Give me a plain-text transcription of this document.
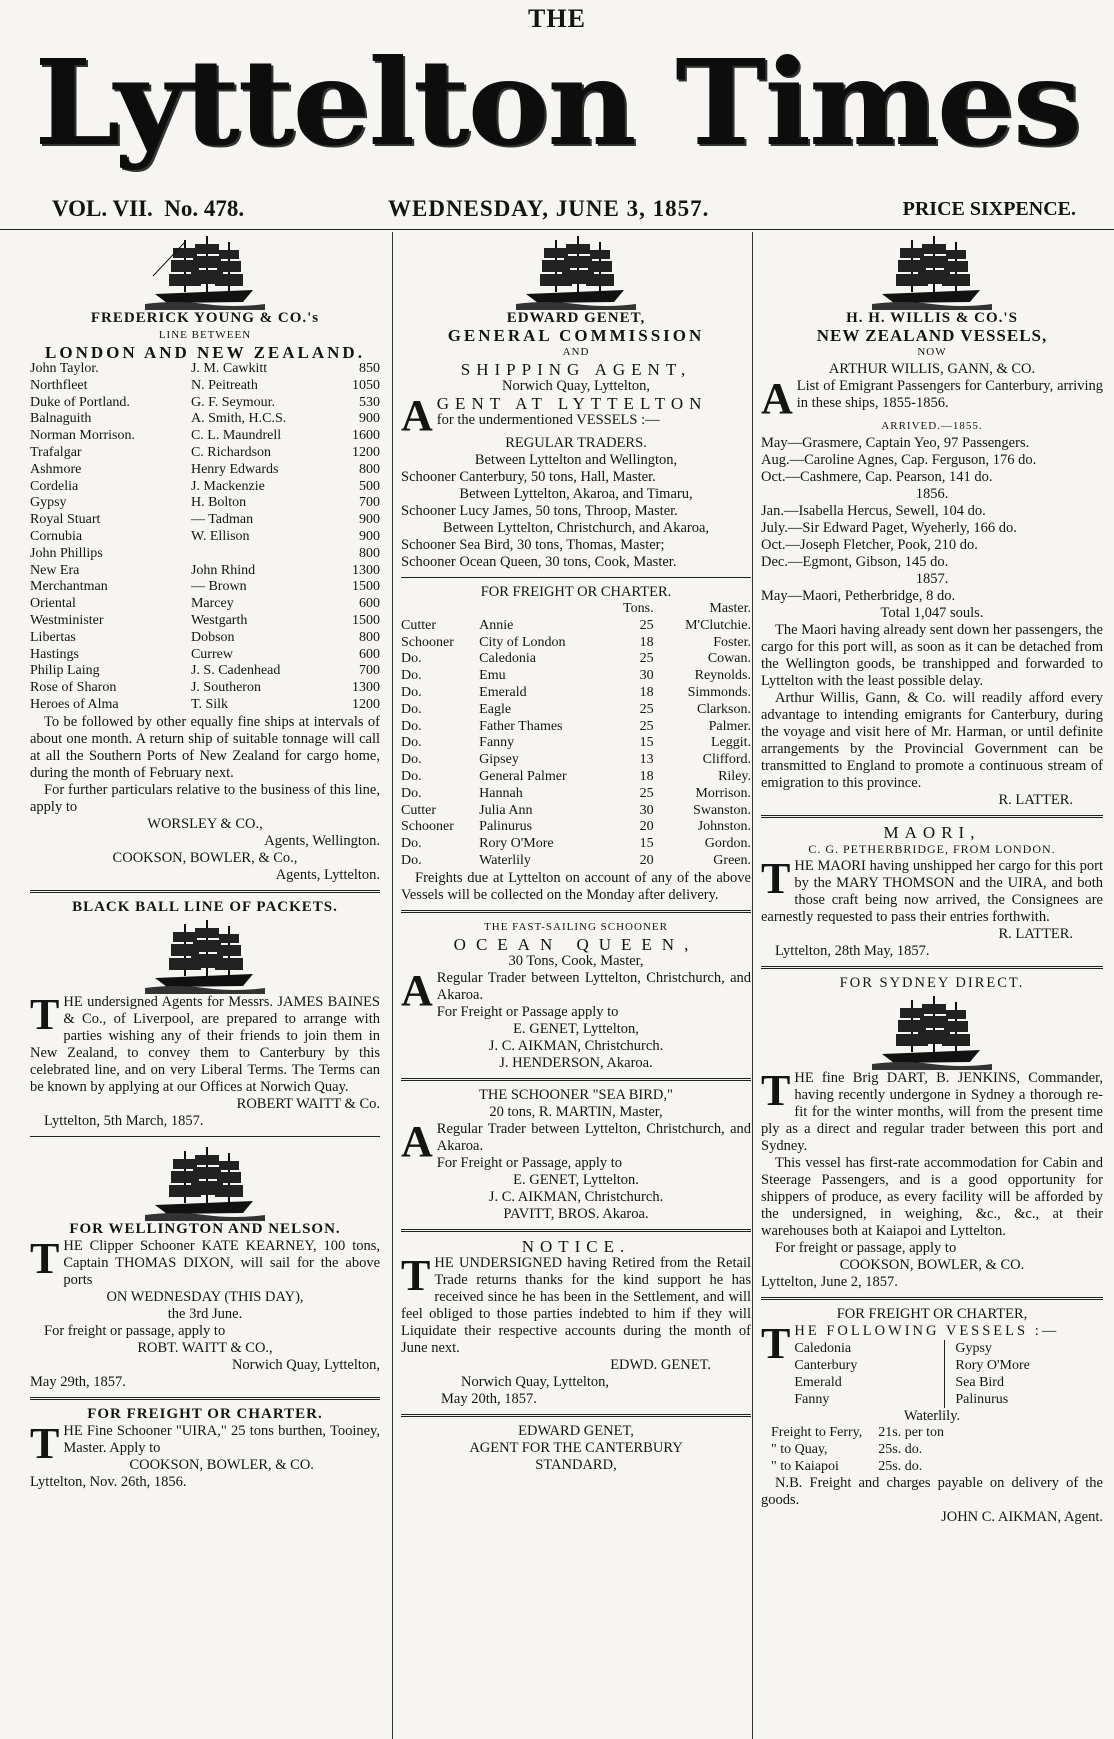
THE
Lyttelton Times
VOL. VII. No. 478.	WEDNESDAY, JUNE 3, 1857.	PRICE SIXPENCE.
FREDERICK YOUNG & CO.'s
LINE BETWEEN
LONDON AND NEW ZEALAND.
John Taylor.	J. M. Cawkitt	850
Northfleet	N. Peitreath	1050
Duke of Portland.	G. F. Seymour.	530
Balnaguith	A. Smith, H.C.S.	900
Norman Morrison.	C. L. Maundrell	1600
Trafalgar	C. Richardson	1200
Ashmore	Henry Edwards	800
Cordelia	J. Mackenzie	500
Gypsy	H. Bolton	700
Royal Stuart	— Tadman	900
Cornubia	W. Ellison	900
John Phillips		800
New Era	John Rhind	1300
Merchantman	— Brown	1500
Oriental	Marcey	600
Westminister	Westgarth	1500
Libertas	Dobson	800
Hastings	Currew	600
Philip Laing	J. S. Cadenhead	700
Rose of Sharon	J. Southeron	1300
Heroes of Alma	T. Silk	1200

To be followed by other equally fine ships at intervals of about one month. A return ship of suitable tonnage will call at all the Southern Ports of New Zealand for cargo home, during the month of February next.

For further particulars relative to the business of this line, apply to

WORSLEY & CO.,
Agents, Wellington.
COOKSON, BOWLER, & Co.,
Agents, Lyttelton.
BLACK BALL LINE OF PACKETS.

THE undersigned Agents for Messrs. JAMES BAINES & Co., of Liverpool, are prepared to arrange with parties wishing any of their friends to join them in New Zealand, to convey them to Canterbury by this celebrated line, and on very Liberal Terms. The Terms can be known by applying at our Offices at Norwich Quay.

ROBERT WAITT & Co.
Lyttelton, 5th March, 1857.
FOR WELLINGTON AND NELSON.

THE Clipper Schooner KATE KEARNEY, 100 tons, Captain THOMAS DIXON, will sail for the above ports

ON WEDNESDAY (THIS DAY),
the 3rd June.
For freight or passage, apply to
ROBT. WAITT & CO.,
Norwich Quay, Lyttelton,
May 29th, 1857.
FOR FREIGHT OR CHARTER.

THE Fine Schooner "UIRA," 25 tons burthen, Tooiney, Master. Apply to

COOKSON, BOWLER, & CO.
Lyttelton, Nov. 26th, 1856.
EDWARD GENET,
GENERAL COMMISSION
AND
SHIPPING AGENT,
Norwich Quay, Lyttelton,

A GENT AT LYTTELTON
for the undermentioned VESSELS :—

REGULAR TRADERS.
Between Lyttelton and Wellington,
Schooner Canterbury, 50 tons, Hall, Master.
Between Lyttelton, Akaroa, and Timaru,
Schooner Lucy James, 50 tons, Throop, Master.
Between Lyttelton, Christchurch, and Akaroa,
Schooner Sea Bird, 30 tons, Thomas, Master;
Schooner Ocean Queen, 30 tons, Cook, Master.
FOR FREIGHT OR CHARTER.
		Tons.	Master.
Cutter	Annie	25	M'Clutchie.
Schooner	City of London	18	Foster.
Do.	Caledonia	25	Cowan.
Do.	Emu	30	Reynolds.
Do.	Emerald	18	Simmonds.
Do.	Eagle	25	Clarkson.
Do.	Father Thames	25	Palmer.
Do.	Fanny	15	Leggit.
Do.	Gipsey	13	Clifford.
Do.	General Palmer	18	Riley.
Do.	Hannah	25	Morrison.
Cutter	Julia Ann	30	Swanston.
Schooner	Palinurus	20	Johnston.
Do.	Rory O'More	15	Gordon.
Do.	Waterlily	20	Green.

Freights due at Lyttelton on account of any of the above Vessels will be collected on the Monday after delivery.

THE FAST-SAILING SCHOONER
OCEAN QUEEN,
30 Tons, Cook, Master,

A Regular Trader between Lyttelton, Christchurch, and Akaroa.

For Freight or Passage apply to
E. GENET, Lyttelton,
J. C. AIKMAN, Christchurch.
J. HENDERSON, Akaroa.
THE SCHOONER "SEA BIRD,"
20 tons, R. MARTIN, Master,

A Regular Trader between Lyttelton, Christchurch, and Akaroa.

For Freight or Passage, apply to
E. GENET, Lyttelton.
J. C. AIKMAN, Christchurch.
PAVITT, BROS. Akaroa.
NOTICE.

THE UNDERSIGNED having Retired from the Retail Trade returns thanks for the kind support he has received since he has been in the Settlement, and will feel obliged to those parties indebted to him if they will Liquidate their respective accounts during the month of June next.

EDWD. GENET.
Norwich Quay, Lyttelton,
May 20th, 1857.
EDWARD GENET,
AGENT FOR THE CANTERBURY
STANDARD,
H. H. WILLIS & CO.'S
NEW ZEALAND VESSELS,
NOW
ARTHUR WILLIS, GANN, & CO.

A List of Emigrant Passengers for Canterbury, arriving in these ships, 1855-1856.

ARRIVED.—1855.
May—Grasmere, Captain Yeo, 97 Passengers.
Aug.—Caroline Agnes, Cap. Ferguson, 176 do.
Oct.—Cashmere, Cap. Pearson, 141 do.
1856.
Jan.—Isabella Hercus, Sewell, 104 do.
July.—Sir Edward Paget, Wyeherly, 166 do.
Oct.—Joseph Fletcher, Pook, 210 do.
Dec.—Egmont, Gibson, 145 do.
1857.
May—Maori, Petherbridge, 8 do.
Total 1,047 souls.

The Maori having already sent down her passengers, the cargo for this port will, as soon as it can be detached from the Wellington goods, be transhipped and forwarded to Lyttelton with the least possible delay.

Arthur Willis, Gann, & Co. will readily afford every advantage to intending emigrants for Canterbury, during the voyage and visit here of Mr. Harman, or until definite arrangements by the Provincial Government can be transmitted to England to promote a continuous stream of emigration to this province.

R. LATTER.
MAORI,
C. G. PETHERBRIDGE, FROM LONDON.

THE MAORI having unshipped her cargo for this port by the MARY THOMSON and the UIRA, and both those craft being now arrived, the Consignees are earnestly requested to pass their entries forthwith.

R. LATTER.
Lyttelton, 28th May, 1857.
FOR SYDNEY DIRECT.

THE fine Brig DART, B. JENKINS, Commander, having recently undergone in Sydney a thorough re-fit for the winter months, will from the present time ply as a direct and regular trader between this port and Sydney.

This vessel has first-rate accommodation for Cabin and Steerage Passengers, and is a good opportunity for shippers of produce, as every facility will be afforded by the undersigned, in weighing, &c., &c., at their warehouses both at Kaiapoi and Lyttelton.

For freight or passage, apply to
COOKSON, BOWLER, & CO.
Lyttelton, June 2, 1857.
FOR FREIGHT OR CHARTER,

THE FOLLOWING VESSELS :—

Caledonia
Canterbury
Emerald
Fanny
Gypsy
Rory O'More
Sea Bird
Palinurus
Waterlily.
Freight to Ferry,	21s. per ton
" to Quay,	25s. do.
" to Kaiapoi	25s. do.

N.B. Freight and charges payable on delivery of the goods.

JOHN C. AIKMAN, Agent.
